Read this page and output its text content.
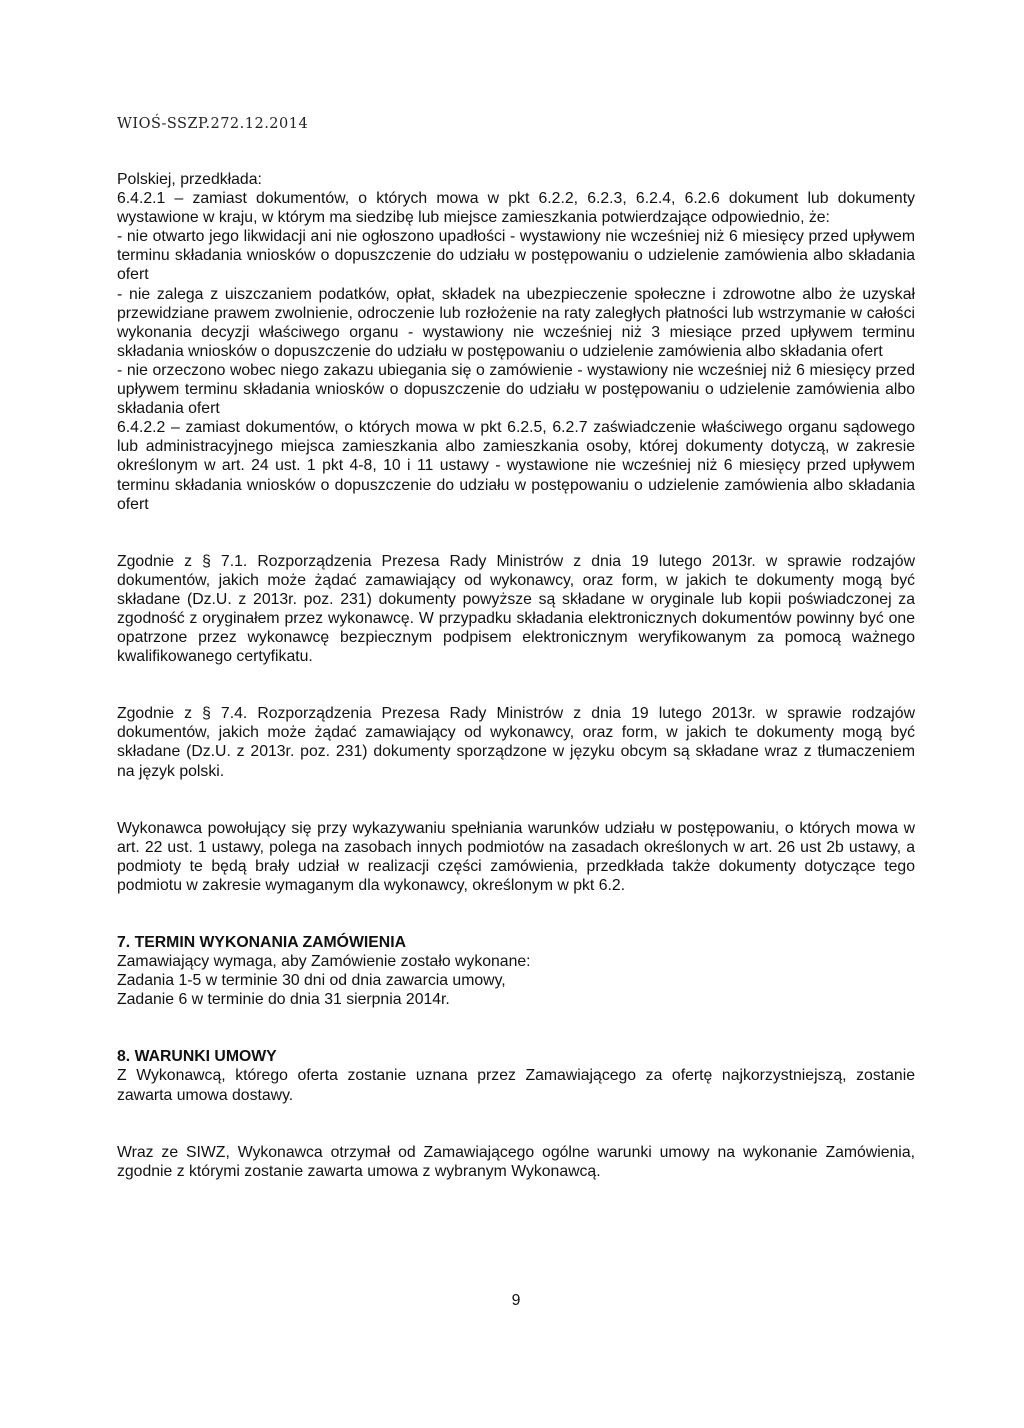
WIOŚ-SSZP.272.12.2014

Polskiej, przedkłada:

6.4.2.1 – zamiast dokumentów, o których mowa w pkt 6.2.2, 6.2.3, 6.2.4, 6.2.6 dokument lub dokumenty wystawione w kraju, w którym ma siedzibę lub miejsce zamieszkania potwierdzające odpowiednio, że:

- nie otwarto jego likwidacji ani nie ogłoszono upadłości - wystawiony nie wcześniej niż 6 miesięcy przed upływem terminu składania wniosków o dopuszczenie do udziału w postępowaniu o udzielenie zamówienia albo składania ofert

- nie zalega z uiszczaniem podatków, opłat, składek na ubezpieczenie społeczne i zdrowotne albo że uzyskał przewidziane prawem zwolnienie, odroczenie lub rozłożenie na raty zaległych płatności lub wstrzymanie w całości wykonania decyzji właściwego organu - wystawiony nie wcześniej niż 3 miesiące przed upływem terminu składania wniosków o dopuszczenie do udziału w postępowaniu o udzielenie zamówienia albo składania ofert

- nie orzeczono wobec niego zakazu ubiegania się o zamówienie - wystawiony nie wcześniej niż 6 miesięcy przed upływem terminu składania wniosków o dopuszczenie do udziału w postępowaniu o udzielenie zamówienia albo składania ofert

6.4.2.2 – zamiast dokumentów, o których mowa w pkt 6.2.5, 6.2.7 zaświadczenie właściwego organu sądowego lub administracyjnego miejsca zamieszkania albo zamieszkania osoby, której dokumenty dotyczą, w zakresie określonym w art. 24 ust. 1 pkt 4-8, 10 i 11 ustawy - wystawione nie wcześniej niż 6 miesięcy przed upływem terminu składania wniosków o dopuszczenie do udziału w postępowaniu o udzielenie zamówienia albo składania ofert

Zgodnie z § 7.1. Rozporządzenia Prezesa Rady Ministrów z dnia 19 lutego 2013r. w sprawie rodzajów dokumentów, jakich może żądać zamawiający od wykonawcy, oraz form, w jakich te dokumenty mogą być składane (Dz.U. z 2013r. poz. 231) dokumenty powyższe są składane w oryginale lub kopii poświadczonej za zgodność z oryginałem przez wykonawcę. W przypadku składania elektronicznych dokumentów powinny być one opatrzone przez wykonawcę bezpiecznym podpisem elektronicznym weryfikowanym za pomocą ważnego kwalifikowanego certyfikatu.

Zgodnie z § 7.4. Rozporządzenia Prezesa Rady Ministrów z dnia 19 lutego 2013r. w sprawie rodzajów dokumentów, jakich może żądać zamawiający od wykonawcy, oraz form, w jakich te dokumenty mogą być składane (Dz.U. z 2013r. poz. 231) dokumenty sporządzone w języku obcym są składane wraz z tłumaczeniem na język polski.

Wykonawca powołujący się przy wykazywaniu spełniania warunków udziału w postępowaniu, o których mowa w art. 22 ust. 1 ustawy, polega na zasobach innych podmiotów na zasadach określonych w art. 26 ust 2b ustawy, a podmioty te będą brały udział w realizacji części zamówienia, przedkłada także dokumenty dotyczące tego podmiotu w zakresie wymaganym dla wykonawcy, określonym w pkt 6.2.

7. TERMIN WYKONANIA ZAMÓWIENIA

Zamawiający wymaga, aby Zamówienie zostało wykonane:

Zadania 1-5 w terminie 30 dni od dnia zawarcia umowy,

Zadanie 6 w terminie do dnia 31 sierpnia 2014r.

8. WARUNKI UMOWY

Z Wykonawcą, którego oferta zostanie uznana przez Zamawiającego za ofertę najkorzystniejszą, zostanie zawarta umowa dostawy.

Wraz ze SIWZ, Wykonawca otrzymał od Zamawiającego ogólne warunki umowy na wykonanie Zamówienia, zgodnie z którymi zostanie zawarta umowa z wybranym Wykonawcą.

9
